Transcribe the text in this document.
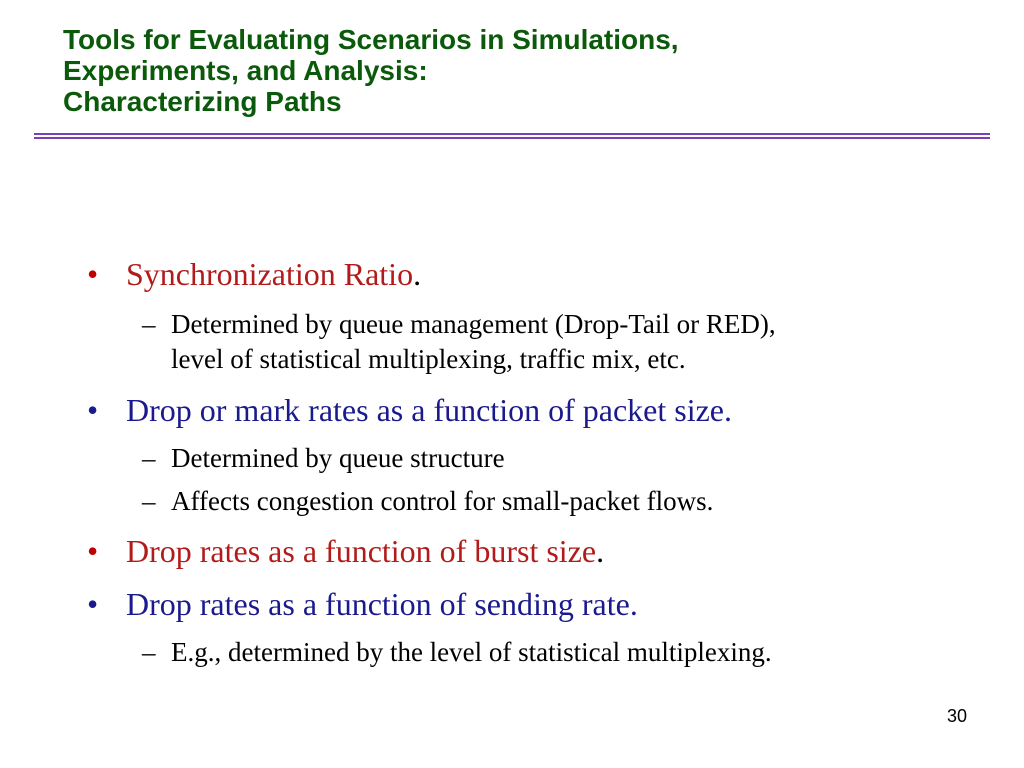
Tools for Evaluating Scenarios in Simulations,
Experiments, and Analysis:
Characterizing Paths
• Synchronization Ratio.
– Determined by queue management (Drop-Tail or RED),
level of statistical multiplexing, traffic mix, etc.
• Drop or mark rates as a function of packet size.
– Determined by queue structure
– Affects congestion control for small-packet flows.
• Drop rates as a function of burst size.
• Drop rates as a function of sending rate.
– E.g., determined by the level of statistical multiplexing.
30
